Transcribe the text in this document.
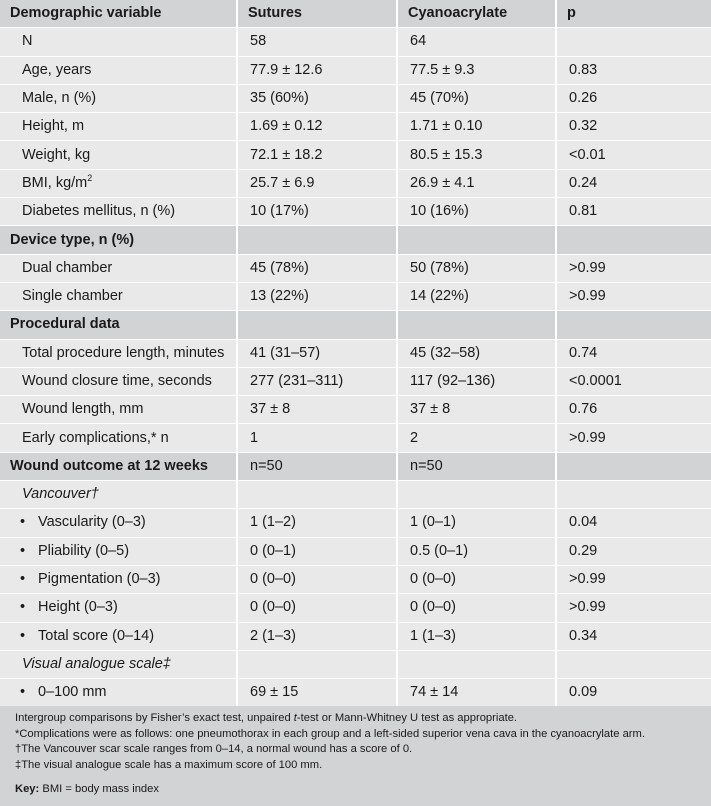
Demographic variable	Sutures	Cyanoacrylate	p
N	58	64	
Age, years	77.9 ± 12.6	77.5 ± 9.3	0.83
Male, n (%)	35 (60%)	45 (70%)	0.26
Height, m	1.69 ± 0.12	1.71 ± 0.10	0.32
Weight, kg	72.1 ± 18.2	80.5 ± 15.3	<0.01
BMI, $kg/m^2$	25.7 ± 6.9	26.9 ± 4.1	0.24
Diabetes mellitus, n (%)	10 (17%)	10 (16%)	0.81
Device type, n (%)			
Dual chamber	45 (78%)	50 (78%)	>0.99
Single chamber	13 (22%)	14 (22%)	>0.99
Procedural data			
Total procedure length, minutes	41 (31–57)	45 (32–58)	0.74
Wound closure time, seconds	277 (231–311)	117 (92–136)	<0.0001
Wound length, mm	37 ± 8	37 ± 8	0.76
Early complications,* n	1	2	>0.99
Wound outcome at 12 weeks	n=50	n=50	
Vancouver†			
• Vascularity (0–3)	1 (1–2)	1 (0–1)	0.04
• Pliability (0–5)	0 (0–1)	0.5 (0–1)	0.29
• Pigmentation (0–3)	0 (0–0)	0 (0–0)	>0.99
• Height (0–3)	0 (0–0)	0 (0–0)	>0.99
• Total score (0–14)	2 (1–3)	1 (1–3)	0.34
Visual analogue scale‡			
• 0–100 mm	69 ± 15	74 ± 14	0.09

Intergroup comparisons by Fisher’s exact test, unpaired t-test or Mann-Whitney U test as appropriate.

*Complications were as follows: one pneumothorax in each group and a left-sided superior vena cava in the cyanoacrylate arm.

†The Vancouver scar scale ranges from 0–14, a normal wound has a score of 0.

‡The visual analogue scale has a maximum score of 100 mm.

Key: BMI = body mass index
